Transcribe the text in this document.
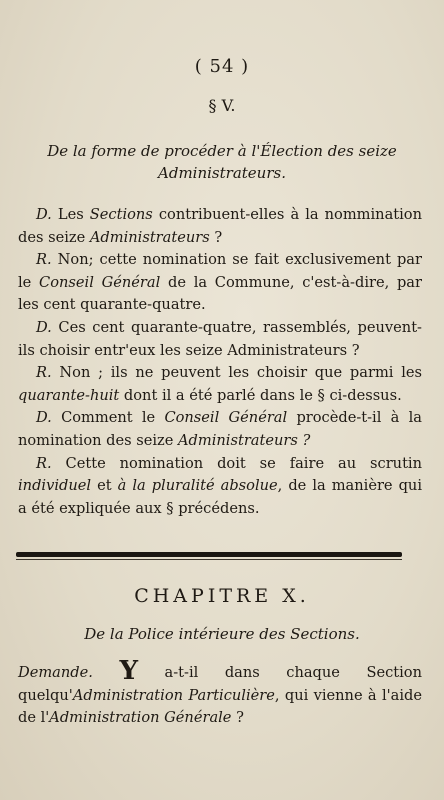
( 54 )
§ V.
De la forme de procéder à l'Élection des seize
Administrateurs.

D. Les Sections contribuent-elles à la nommination des seize Administrateurs ?

R. Non; cette nomination se fait exclusivement par le Conseil Général de la Commune, c'est-à-dire, par les cent quarante-quatre.

D. Ces cent quarante-quatre, rassemblés, peuvent-ils choisir entr'eux les seize Administrateurs ?

R. Non ; ils ne peuvent les choisir que parmi les quarante-huit dont il a été parlé dans le § ci-dessus.

D. Comment le Conseil Général procède-t-il à la nomination des seize Administrateurs ?

R. Cette nomination doit se faire au scrutin individuel et à la pluralité absolue, de la manière qui a été expliquée aux § précédens.

CHAPITRE X.
De la Police intérieure des Sections.
Demande. Y a-t-il dans chaque Section quelqu'Administration Particulière, qui vienne à l'aide de l'Administration Générale ?
